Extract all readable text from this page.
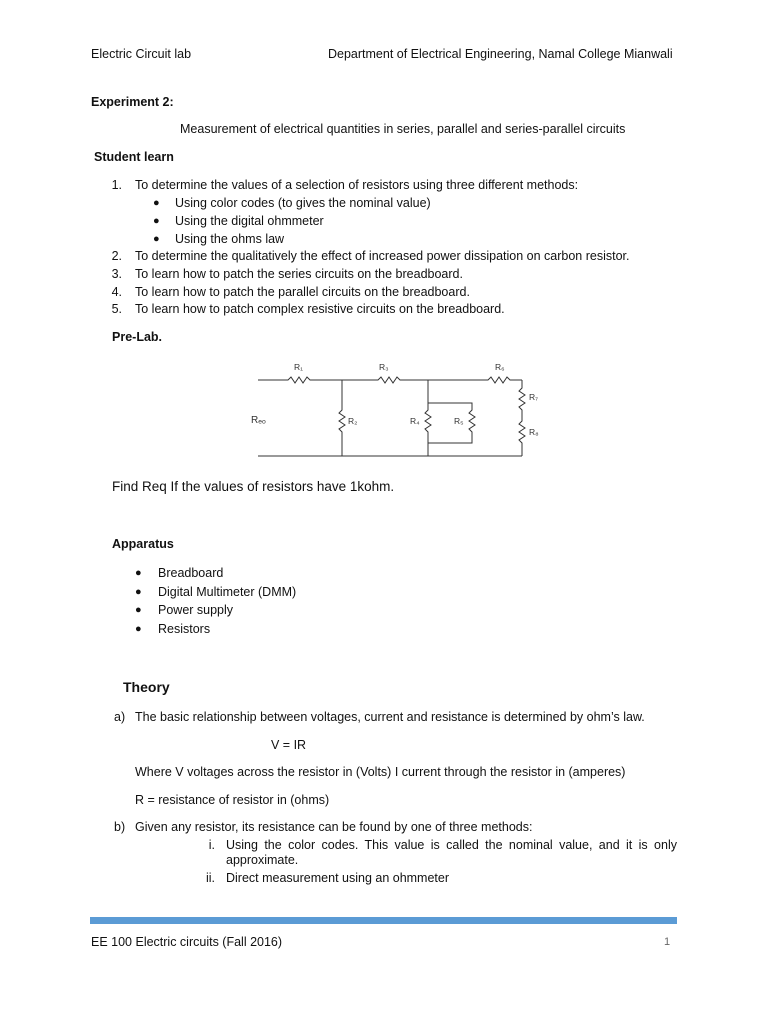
Electric Circuit lab	Department of Electrical Engineering, Namal College Mianwali
Experiment 2:
Measurement of electrical quantities in series, parallel and series-parallel circuits
Student learn
1. To determine the values of a selection of resistors using three different methods:
● Using color codes (to gives the nominal value)
● Using the digital ohmmeter
● Using the ohms law
2. To determine the qualitatively the effect of increased power dissipation on carbon resistor.
3. To learn how to patch the series circuits on the breadboard.
4. To learn how to patch the parallel circuits on the breadboard.
5. To learn how to patch complex resistive circuits on the breadboard.
Pre-Lab.
R₁	R₃	R₆
R₂	R₄	R₅
R₇
R₈
Rₑₒ
Find Req If the values of resistors have 1kohm.
Apparatus
● Breadboard
● Digital Multimeter (DMM)
● Power supply
● Resistors
Theory
a) The basic relationship between voltages, current and resistance is determined by ohm’s law.
V = IR
Where V voltages across the resistor in (Volts) I current through the resistor in (amperes)
R = resistance of resistor in (ohms)
b) Given any resistor, its resistance can be found by one of three methods:
i. Using the color codes. This value is called the nominal value, and it is only approximate.
ii. Direct measurement using an ohmmeter
EE 100 Electric circuits (Fall 2016)	1
